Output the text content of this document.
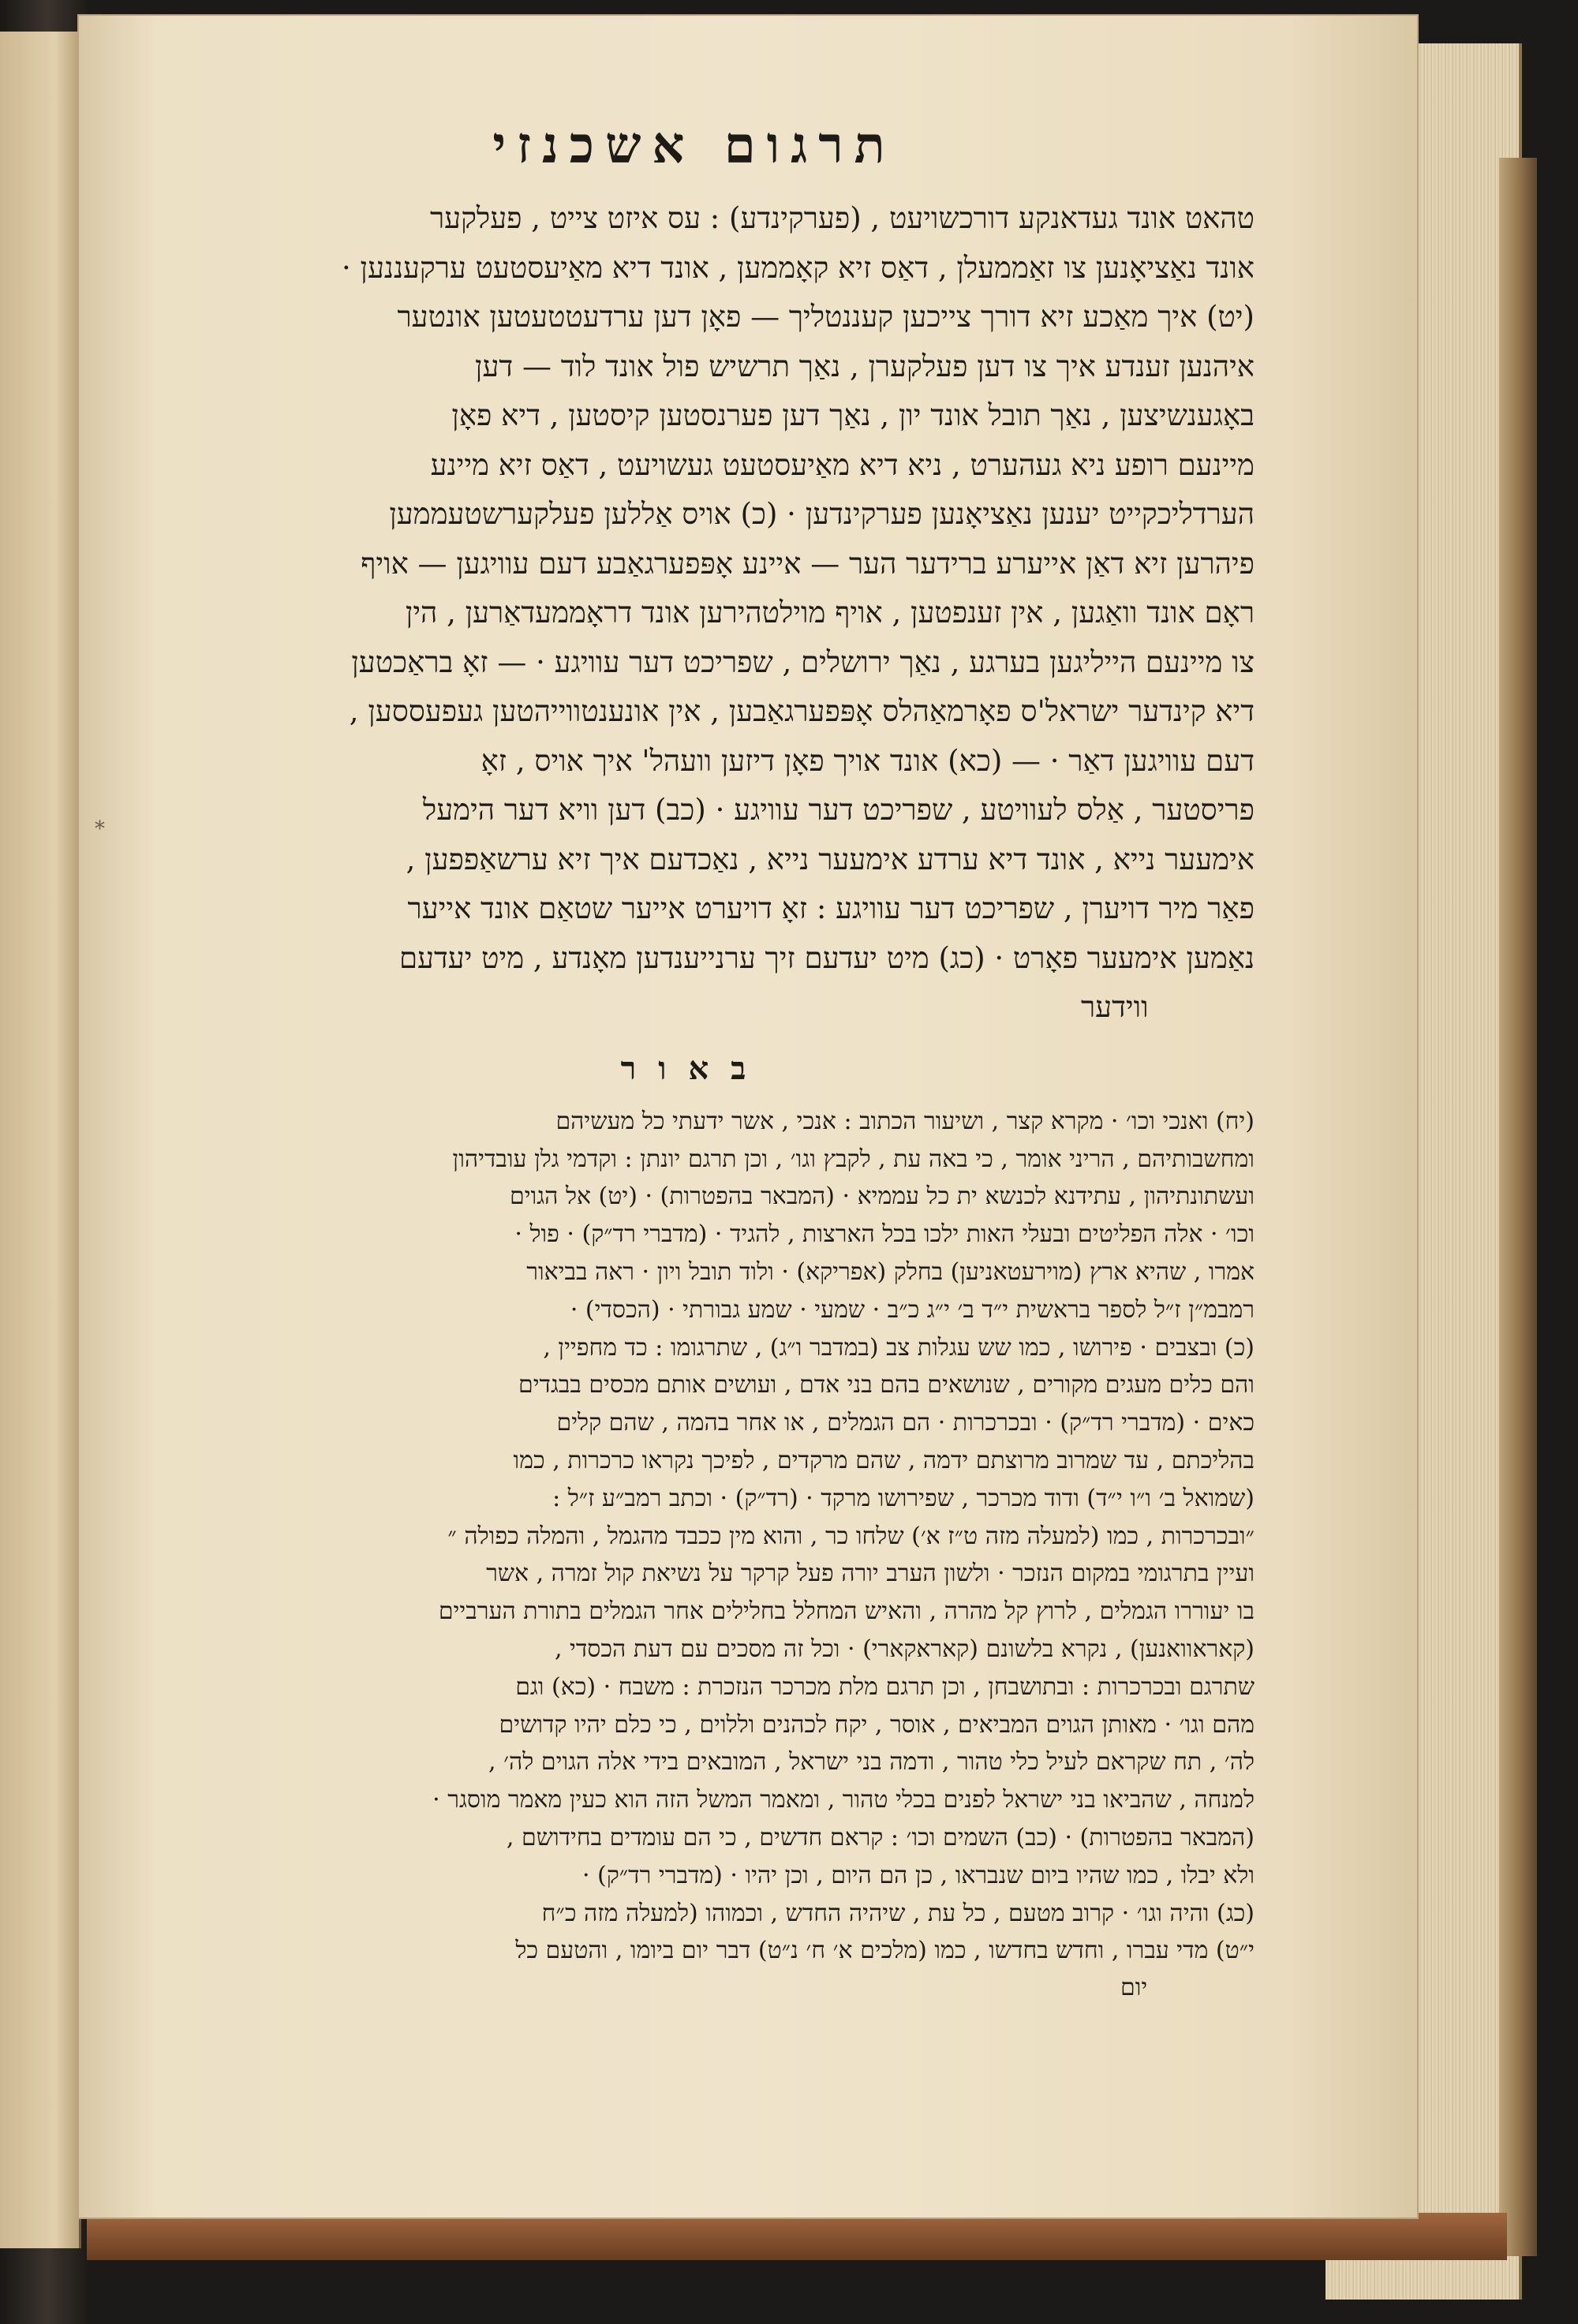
*
תרגום אשכנזי
טהאט אונד געדאנקע דורכשויעט , (פערקינדע) : עס איזט צייט , פעלקער
אונד נאַציאָנען צו זאַממעלן , דאַס זיא קאָממען , אונד דיא מאַיעסטעט ערקעננען ·
(יט) איך מאַכע זיא דורך צייכען קעננטליך — פאָן דען ערדעטטעטען אונטער
איהנען זענדע איך צו דען פעלקערן , נאַך תרשיש פול אונד לוד — דען
באָגענשיצען , נאַך תובל אונד יון , נאַך דען פערנסטען קיסטען , דיא פאָן
מיינעם רופע ניא געהערט , ניא דיא מאַיעסטעט געשויעט , דאַס זיא מיינע
הערדליכקייט יענען נאַציאָנען פערקינדען · (כ) אויס אַללען פעלקערשטעממען
פיהרען זיא דאַן אייערע ברידער הער — איינע אָפּפערגאַבע דעם עוויגען — אויף
ראָם אונד וואַגען , אין זענפטען , אויף מוילטהירען אונד דראָממעדאַרען , הין
צו מיינעם הייליגען בערגע , נאַך ירושלים , שפריכט דער עוויגע · — זאָ בראַכטען
דיא קינדער ישראל'ס פאָרמאַהלס אָפּפערגאַבען , אין אונענטווייהטען געפעססען ,
דעם עוויגען דאַר · — (כא) אונד אויך פאָן דיזען וועהל' איך אויס , זאָ
פריסטער , אַלס לעוויטע , שפריכט דער עוויגע · (כב) דען וויא דער הימעל
אימעער נייא , אונד דיא ערדע אימעער נייא , נאַכדעם איך זיא ערשאַפפען ,
פאַר מיר דויערן , שפריכט דער עוויגע : זאָ דויערט אייער שטאַם אונד אייער
נאַמען אימעער פאָרט · (כג) מיט יעדעם זיך ערנייענדען מאָנדע , מיט יעדעם
ווידער
באור
(יח) ואנכי וכו׳ · מקרא קצר , ושיעור הכתוב : אנכי , אשר ידעתי כל מעשיהם
ומחשבותיהם , הריני אומר , כי באה עת , לקבץ וגו׳ , וכן תרגם יונתן : וקדמי גלן עובדיהון
ועשתונתיהון , עתידנא לכנשא ית כל עממיא · (המבאר בהפטרות) · (יט) אל הגוים
וכו׳ · אלה הפליטים ובעלי האות ילכו בכל הארצות , להגיד · (מדברי רד״ק) · פול ·
אמרו , שהיא ארץ (מוירעטאניען) בחלק (אפריקא) · ולוד תובל ויון · ראה בביאור
רמבמ״ן ז״ל לספר בראשית י״ד ב׳ י״ג כ״ב · שמעי · שמע גבורתי · (הכסדי) ·
(כ) ובצבים · פירושו , כמו שש עגלות צב (במדבר ו״ג) , שתרגומו : כד מחפיין ,
והם כלים מעגים מקורים , שנושאים בהם בני אדם , ועושים אותם מכסים בבגדים
כאים · (מדברי רד״ק) · ובכרכרות · הם הגמלים , או אחר בהמה , שהם קלים
בהליכתם , עד שמרוב מרוצתם ידמה , שהם מרקדים , לפיכך נקראו כרכרות , כמו
(שמואל ב׳ ו״ו י״ד) ודוד מכרכר , שפירושו מרקד · (רד״ק) · וכתב רמב״ע ז״ל :
״ובכרכרות , כמו (למעלה מזה ט״ז א׳) שלחו כר , והוא מין ככבד מהגמל , והמלה כפולה ״
ועיין בתרגומי במקום הנזכר · ולשון הערב יורה פעל קרקר על נשיאת קול זמרה , אשר
בו יעוררו הגמלים , לרוץ קל מהרה , והאיש המחלל בחלילים אחר הגמלים בתורת הערביים
(קאראוואנען) , נקרא בלשונם (קאראקארי) · וכל זה מסכים עם דעת הכסדי ,
שתרגם ובכרכרות : ובתושבחן , וכן תרגם מלת מכרכר הנזכרת : משבח · (כא) וגם
מהם וגו׳ · מאותן הגוים המביאים , אוסר , יקח לכהנים וללוים , כי כלם יהיו קדושים
לה׳ , תח שקראם לעיל כלי טהור , ודמה בני ישראל , המובאים בידי אלה הגוים לה׳ ,
למנחה , שהביאו בני ישראל לפנים בכלי טהור , ומאמר המשל הזה הוא כעין מאמר מוסגר ·
(המבאר בהפטרות) · (כב) השמים וכו׳ : קראם חדשים , כי הם עומדים בחידושם ,
ולא יבלו , כמו שהיו ביום שנבראו , כן הם היום , וכן יהיו · (מדברי רד״ק) ·
(כג) והיה וגו׳ · קרוב מטעם , כל עת , שיהיה החדש , וכמוהו (למעלה מזה כ״ח
י״ט) מדי עברו , וחדש בחדשו , כמו (מלכים א׳ ח׳ נ״ט) דבר יום ביומו , והטעם כל
יום
